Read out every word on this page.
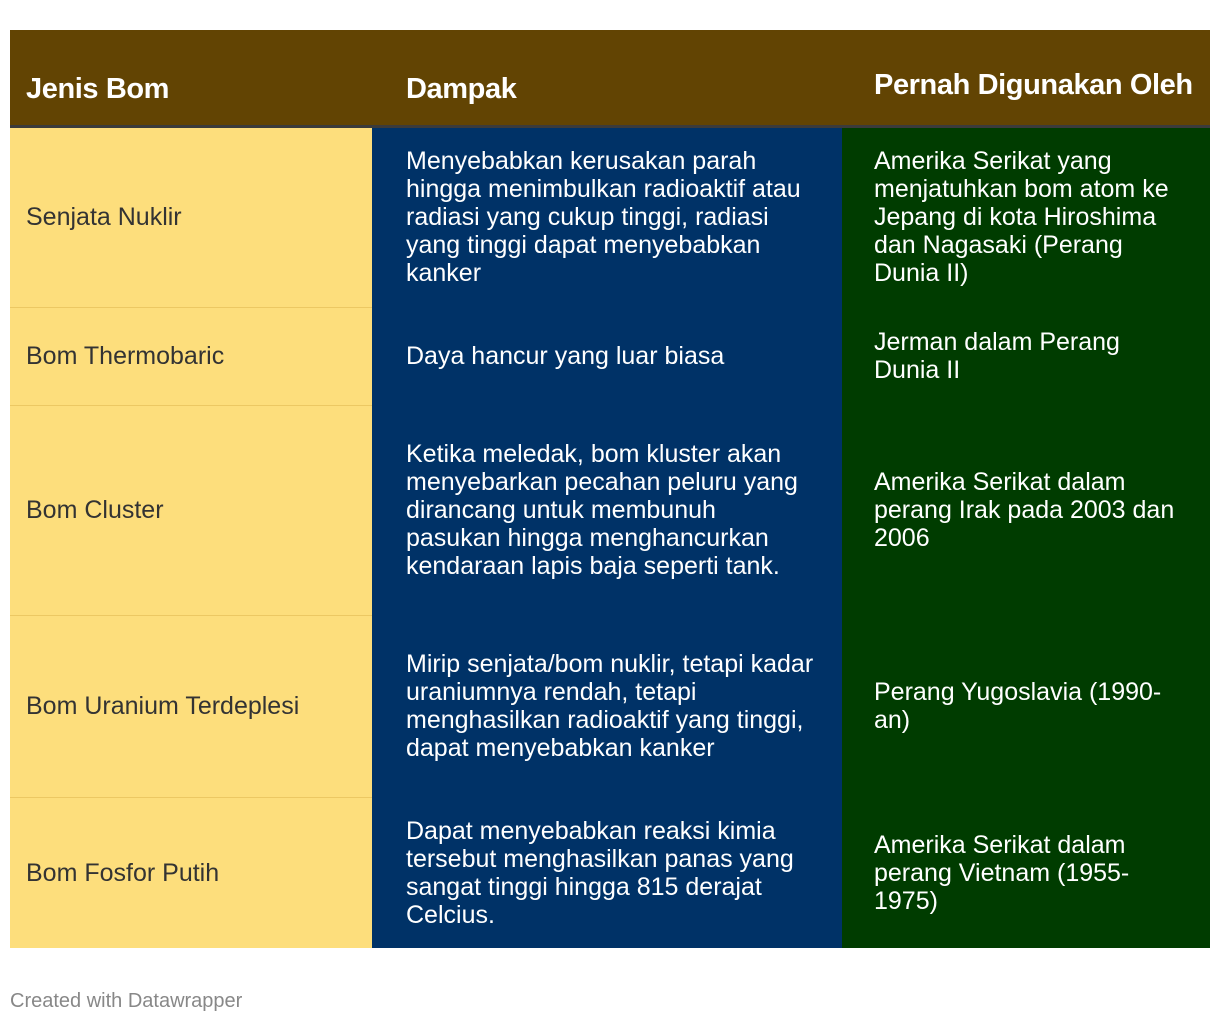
Jenis Bom	Dampak	Pernah Digunakan Oleh
Senjata Nuklir	Menyebabkan kerusakan parah hingga menimbulkan radioaktif atau radiasi yang cukup tinggi, radiasi yang tinggi dapat menyebabkan kanker	Amerika Serikat yang menjatuhkan bom atom ke Jepang di kota Hiroshima dan Nagasaki (Perang Dunia II)
Bom Thermobaric	Daya hancur yang luar biasa	Jerman dalam Perang Dunia II
Bom Cluster	Ketika meledak, bom kluster akan menyebarkan pecahan peluru yang dirancang untuk membunuh pasukan hingga menghancurkan kendaraan lapis baja seperti tank.	Amerika Serikat dalam perang Irak pada 2003 dan 2006
Bom Uranium Terdeplesi	Mirip senjata/bom nuklir, tetapi kadar uraniumnya rendah, tetapi menghasilkan radioaktif yang tinggi, dapat menyebabkan kanker	Perang Yugoslavia (1990-an)
Bom Fosfor Putih	Dapat menyebabkan reaksi kimia tersebut menghasilkan panas yang sangat tinggi hingga 815 derajat Celcius.	Amerika Serikat dalam perang Vietnam (1955-1975)
Created with Datawrapper
